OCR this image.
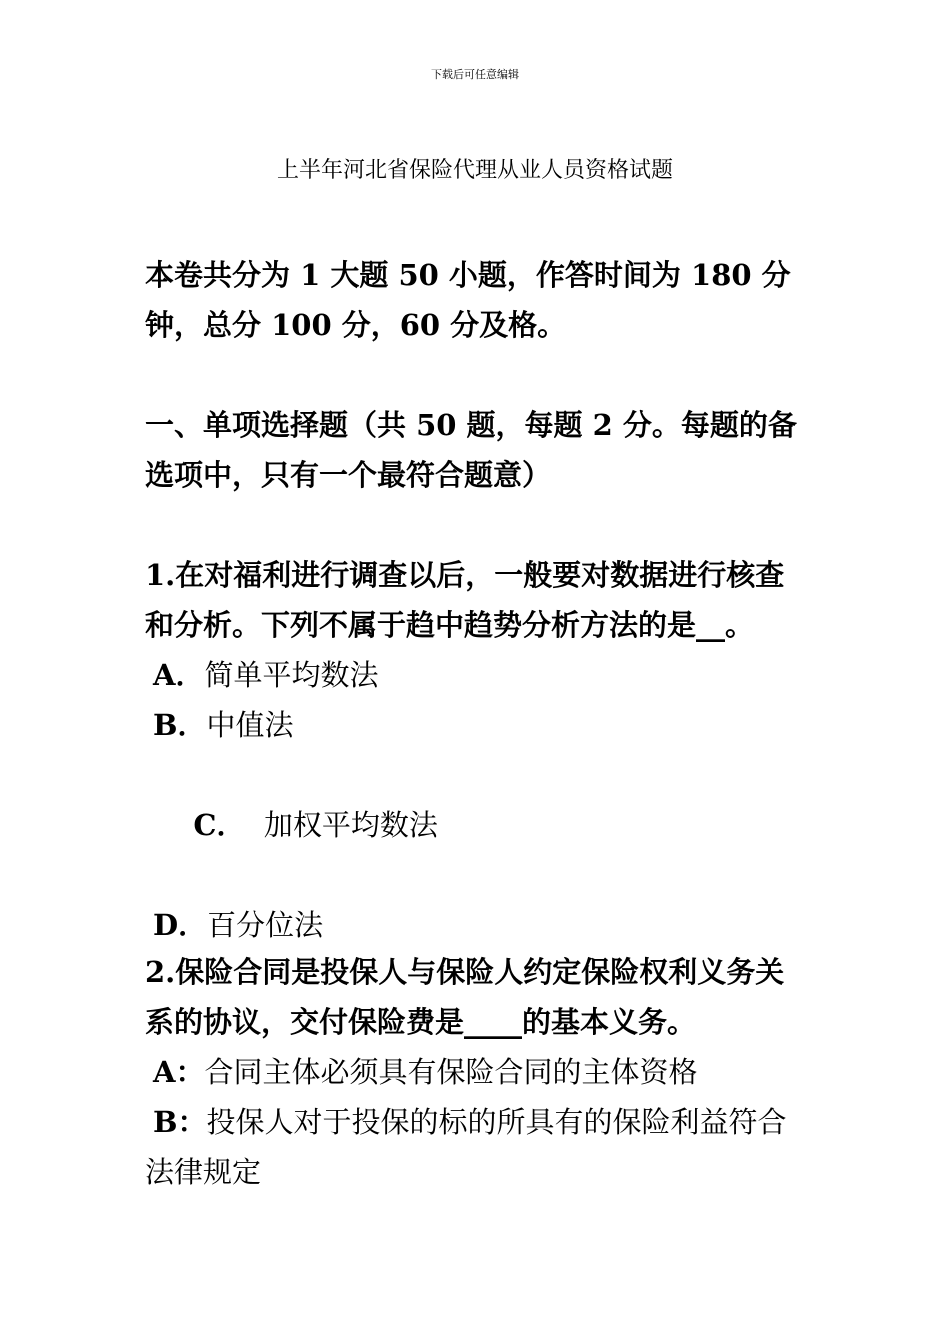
下载后可任意编辑
上半年河北省保险代理从业人员资格试题

本卷共分为 1 大题 50 小题，作答时间为 180 分钟，总分 100 分，60 分及格。

一、单项选择题（共 50 题，每题 2 分。每题的备选项中，只有一个最符合题意）

1.在对福利进行调查以后，一般要对数据进行核查和分析。下列不属于趋中趋势分析方法的是__。

A．简单平均数法

B．中值法

C．  加权平均数法

D．百分位法

2.保险合同是投保人与保险人约定保险权利义务关系的协议，交付保险费是____的基本义务。

A：合同主体必须具有保险合同的主体资格

B：投保人对于投保的标的所具有的保险利益符合法律规定
